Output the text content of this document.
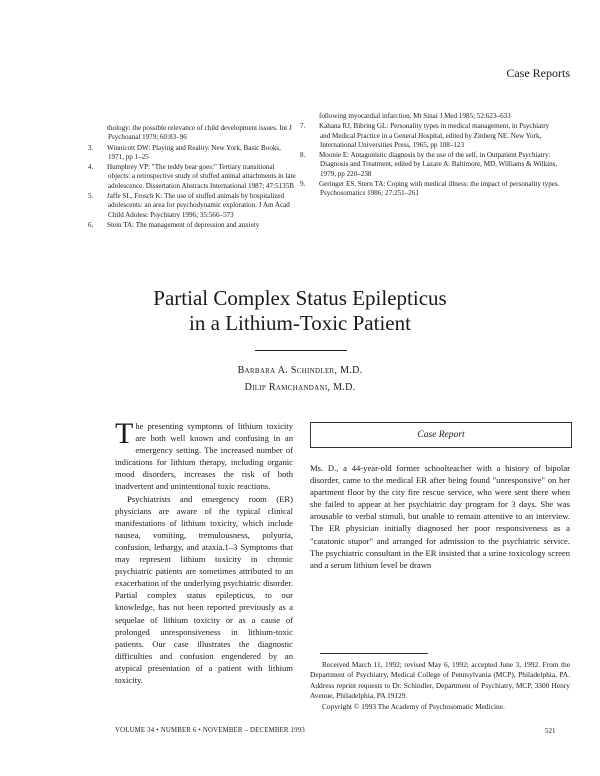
Case Reports
thology: the possible relevance of child development issues. Int J Psychoanal 1979; 60:83–96
3. Winnicott DW: Playing and Reality. New York, Basic Books, 1971, pp 1–25
4. Humphrey VP: "The teddy bear goes:" Tertiary transitional objects: a retrospective study of stuffed animal attachments in late adolescence. Dissertation Abstracts International 1987; 47:5135B
5. Jaffe SL, Frosch K: The use of stuffed animals by hospitalized adolescents: an area for psychodynamic exploration. J Am Acad Child Adolesc Psychiatry 1996; 35:566–573
6. Stein TA: The management of depression and anxiety
following myocardial infarction. Mt Sinai J Med 1985; 52:623–633
7. Kahana RJ, Bibring GL: Personality types in medical management, in Psychiatry and Medical Practice in a General Hospital, edited by Zinberg NE. New York, International Universities Press, 1965, pp 108–123
8. Moonie E: Antagonistic diagnosis by the use of the self, in Outpatient Psychiatry: Diagnosis and Treatment, edited by Lazare A. Baltimore, MD, Williams & Wilkins, 1979, pp 220–238
9. Geringer ES, Stern TA: Coping with medical illness: the impact of personality types. Psychosomatics 1986; 27:251–261
Partial Complex Status Epilepticus
in a Lithium-Toxic Patient
Barbara A. Schindler, M.D.
Dilip Ramchandani, M.D.

The presenting symptoms of lithium toxicity are both well known and confusing in an emergency setting. The increased number of indications for lithium therapy, including organic mood disorders, increases the risk of both inadvertent and unintentional toxic reactions.

Psychiatrists and emergency room (ER) physicians are aware of the typical clinical manifestations of lithium toxicity, which include nausea, vomiting, tremulousness, polyuria, confusion, lethargy, and ataxia.1–3 Symptoms that may represent lithium toxicity in chronic psychiatric patients are sometimes attributed to an exacerbation of the underlying psychiatric disorder. Partial complex status epilepticus, to our knowledge, has not been reported previously as a sequelae of lithium toxicity or as a cause of prolonged unresponsiveness in lithium-toxic patients. Our case illustrates the diagnostic difficulties and confusion engendered by an atypical presentation of a patient with lithium toxicity.

Case Report

Ms. D., a 44-year-old former schoolteacher with a history of bipolar disorder, came to the medical ER after being found "unresponsive" on her apartment floor by the city fire rescue service, who were sent there when she failed to appear at her psychiatric day program for 3 days. She was arousable to verbal stimuli, but unable to remain attentive to an interview. The ER physician initially diagnosed her poor responsiveness as a "catatonic stupor" and arranged for admission to the psychiatric service. The psychiatric consultant in the ER insisted that a urine toxicology screen and a serum lithium level be drawn

Received March 11, 1992; revised May 6, 1992; accepted June 3, 1992. From the Department of Psychiatry, Medical College of Pennsylvania (MCP), Philadelphia, PA. Address reprint requests to Dr. Schindler, Department of Psychiatry, MCP, 3300 Henry Avenue, Philadelphia, PA 19129.

Copyright © 1993 The Academy of Psychosomatic Medicine.

VOLUME 34 • NUMBER 6 • NOVEMBER – DECEMBER 1993	521
